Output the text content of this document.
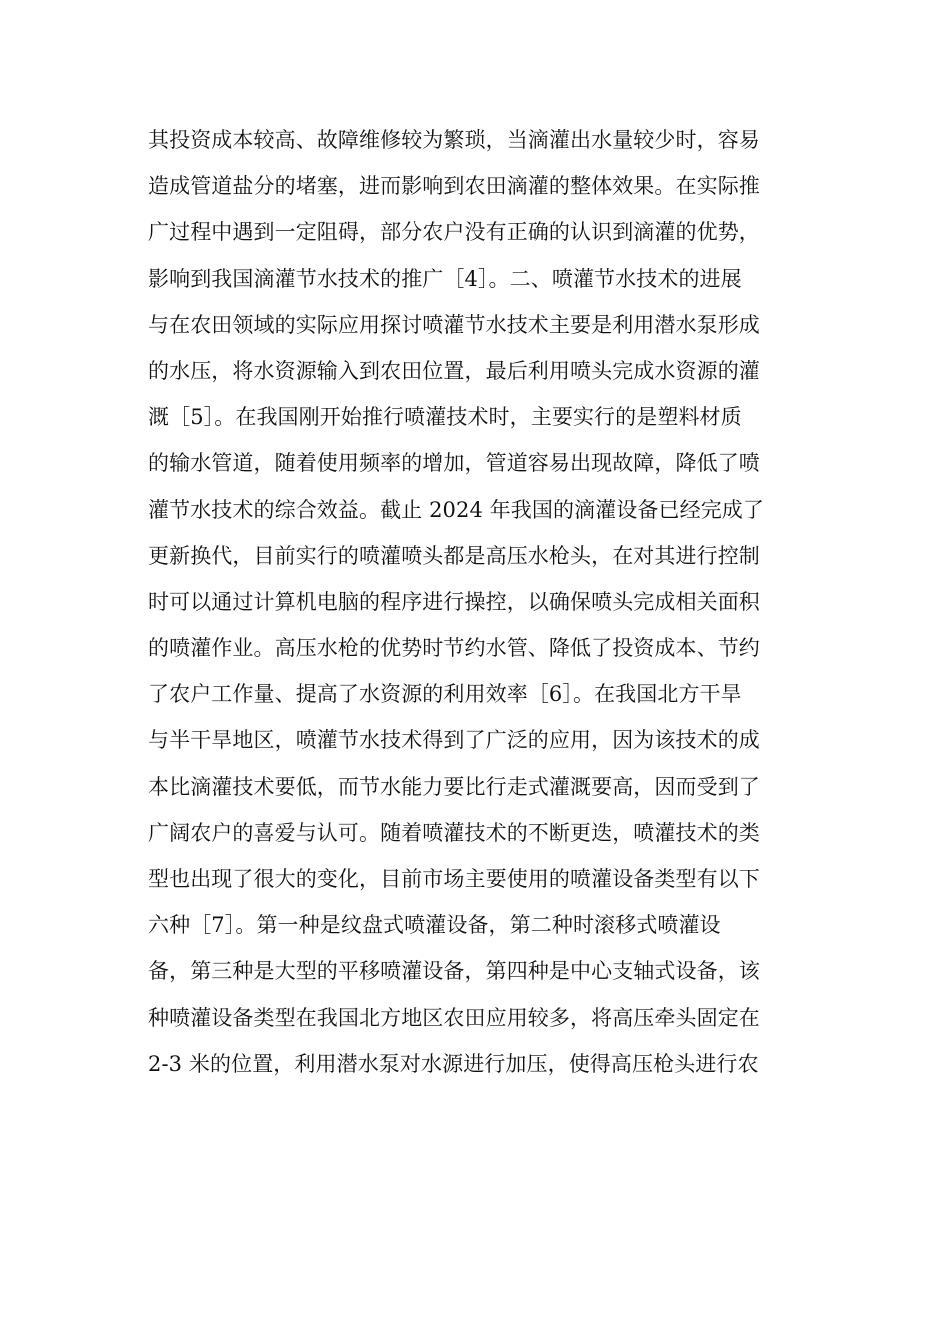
其投资成本较高、故障维修较为繁琐，当滴灌出水量较少时，容易
造成管道盐分的堵塞，进而影响到农田滴灌的整体效果。在实际推
广过程中遇到一定阻碍，部分农户没有正确的认识到滴灌的优势，
影响到我国滴灌节水技术的推广［4］。二、喷灌节水技术的进展
与在农田领域的实际应用探讨喷灌节水技术主要是利用潜水泵形成
的水压，将水资源输入到农田位置，最后利用喷头完成水资源的灌
溉［5］。在我国刚开始推行喷灌技术时，主要实行的是塑料材质
的输水管道，随着使用频率的增加，管道容易出现故障，降低了喷
灌节水技术的综合效益。截止 2024 年我国的滴灌设备已经完成了
更新换代，目前实行的喷灌喷头都是高压水枪头，在对其进行控制
时可以通过计算机电脑的程序进行操控，以确保喷头完成相关面积
的喷灌作业。高压水枪的优势时节约水管、降低了投资成本、节约
了农户工作量、提高了水资源的利用效率［6］。在我国北方干旱
与半干旱地区，喷灌节水技术得到了广泛的应用，因为该技术的成
本比滴灌技术要低，而节水能力要比行走式灌溉要高，因而受到了
广阔农户的喜爱与认可。随着喷灌技术的不断更迭，喷灌技术的类
型也出现了很大的变化，目前市场主要使用的喷灌设备类型有以下
六种［7］。第一种是纹盘式喷灌设备，第二种时滚移式喷灌设
备，第三种是大型的平移喷灌设备，第四种是中心支轴式设备，该
种喷灌设备类型在我国北方地区农田应用较多，将高压牵头固定在
2-3 米的位置，利用潜水泵对水源进行加压，使得高压枪头进行农
